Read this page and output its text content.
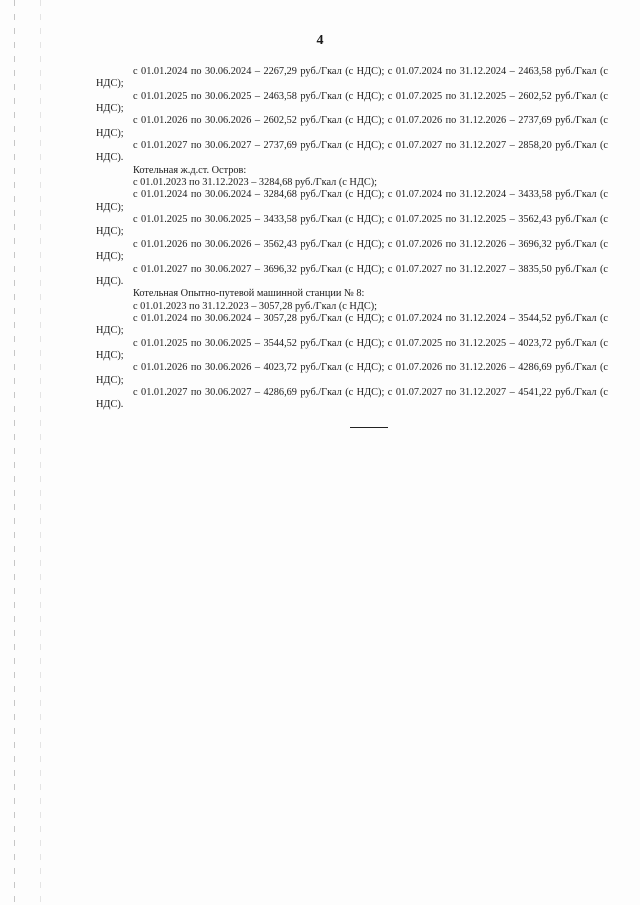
4

с 01.01.2024 по 30.06.2024 – 2267,29 руб./Гкал (с НДС); с 01.07.2024 по 31.12.2024 – 2463,58 руб./Гкал (с НДС);

с 01.01.2025 по 30.06.2025 – 2463,58 руб./Гкал (с НДС); с 01.07.2025 по 31.12.2025 – 2602,52 руб./Гкал (с НДС);

с 01.01.2026 по 30.06.2026 – 2602,52 руб./Гкал (с НДС); с 01.07.2026 по 31.12.2026 – 2737,69 руб./Гкал (с НДС);

с 01.01.2027 по 30.06.2027 – 2737,69 руб./Гкал (с НДС); с 01.07.2027 по 31.12.2027 – 2858,20 руб./Гкал (с НДС).

Котельная ж.д.ст. Остров:

с 01.01.2023 по 31.12.2023 – 3284,68 руб./Гкал (с НДС);

с 01.01.2024 по 30.06.2024 – 3284,68 руб./Гкал (с НДС); с 01.07.2024 по 31.12.2024 – 3433,58 руб./Гкал (с НДС);

с 01.01.2025 по 30.06.2025 – 3433,58 руб./Гкал (с НДС); с 01.07.2025 по 31.12.2025 – 3562,43 руб./Гкал (с НДС);

с 01.01.2026 по 30.06.2026 – 3562,43 руб./Гкал (с НДС); с 01.07.2026 по 31.12.2026 – 3696,32 руб./Гкал (с НДС);

с 01.01.2027 по 30.06.2027 – 3696,32 руб./Гкал (с НДС); с 01.07.2027 по 31.12.2027 – 3835,50 руб./Гкал (с НДС).

Котельная Опытно-путевой машинной станции № 8:

с 01.01.2023 по 31.12.2023 – 3057,28 руб./Гкал (с НДС);

с 01.01.2024 по 30.06.2024 – 3057,28 руб./Гкал (с НДС); с 01.07.2024 по 31.12.2024 – 3544,52 руб./Гкал (с НДС);

с 01.01.2025 по 30.06.2025 – 3544,52 руб./Гкал (с НДС); с 01.07.2025 по 31.12.2025 – 4023,72 руб./Гкал (с НДС);

с 01.01.2026 по 30.06.2026 – 4023,72 руб./Гкал (с НДС); с 01.07.2026 по 31.12.2026 – 4286,69 руб./Гкал (с НДС);

с 01.01.2027 по 30.06.2027 – 4286,69 руб./Гкал (с НДС); с 01.07.2027 по 31.12.2027 – 4541,22 руб./Гкал (с НДС).
